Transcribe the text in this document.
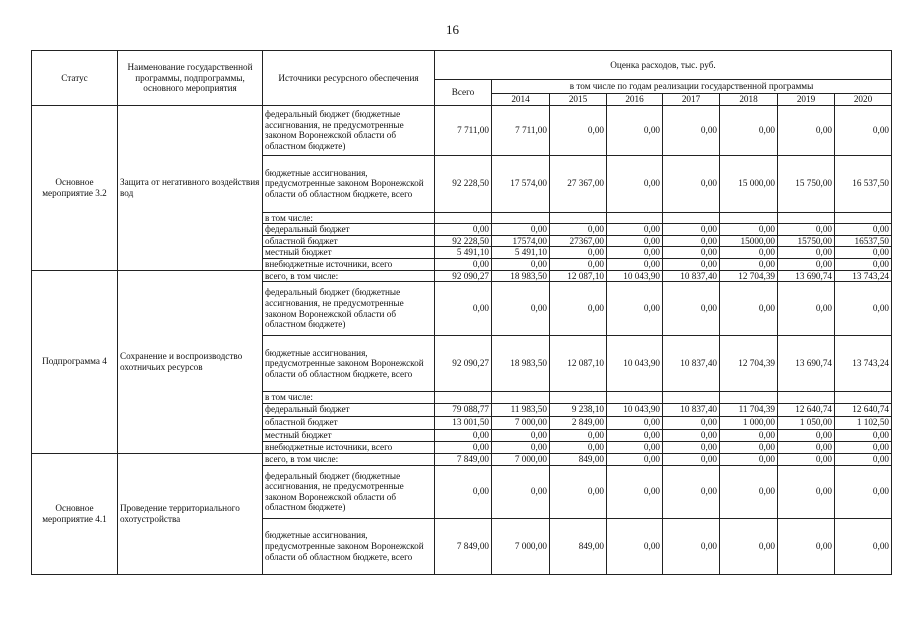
16
Статус	Наименование государственной программы, подпрограммы, основного мероприятия	Источники ресурсного обеспечения	Оценка расходов, тыс. руб.							
			Всего	в том числе по годам реализации государственной программы						
				2014	2015	2016	2017	2018	2019	2020
Основное мероприятие 3.2	Защита от негативного воздействия вод	федеральный бюджет (бюджетные ассигнования, не предусмотренные законом Воронежской области об областном бюджете)	7 711,00	7 711,00	0,00	0,00	0,00	0,00	0,00	0,00
		бюджетные ассигнования, предусмотренные законом Воронежской области об областном бюджете, всего	92 228,50	17 574,00	27 367,00	0,00	0,00	15 000,00	15 750,00	16 537,50
		в том числе:								
		федеральный бюджет	0,00	0,00	0,00	0,00	0,00	0,00	0,00	0,00
		областной бюджет	92 228,50	17574,00	27367,00	0,00	0,00	15000,00	15750,00	16537,50
		местный бюджет	5 491,10	5 491,10	0,00	0,00	0,00	0,00	0,00	0,00
		внебюджетные источники, всего	0,00	0,00	0,00	0,00	0,00	0,00	0,00	0,00
Подпрограмма 4	Сохранение и воспроизводство охотничьих ресурсов	всего, в том числе:	92 090,27	18 983,50	12 087,10	10 043,90	10 837,40	12 704,39	13 690,74	13 743,24
		федеральный бюджет (бюджетные ассигнования, не предусмотренные законом Воронежской области об областном бюджете)	0,00	0,00	0,00	0,00	0,00	0,00	0,00	0,00
		бюджетные ассигнования, предусмотренные законом Воронежской области об областном бюджете, всего	92 090,27	18 983,50	12 087,10	10 043,90	10 837,40	12 704,39	13 690,74	13 743,24
		в том числе:								
		федеральный бюджет	79 088,77	11 983,50	9 238,10	10 043,90	10 837,40	11 704,39	12 640,74	12 640,74
		областной бюджет	13 001,50	7 000,00	2 849,00	0,00	0,00	1 000,00	1 050,00	1 102,50
		местный бюджет	0,00	0,00	0,00	0,00	0,00	0,00	0,00	0,00
		внебюджетные источники, всего	0,00	0,00	0,00	0,00	0,00	0,00	0,00	0,00
Основное мероприятие 4.1	Проведение территориального охотустройства	всего, в том числе:	7 849,00	7 000,00	849,00	0,00	0,00	0,00	0,00	0,00
		федеральный бюджет (бюджетные ассигнования, не предусмотренные законом Воронежской области об областном бюджете)	0,00	0,00	0,00	0,00	0,00	0,00	0,00	0,00
		бюджетные ассигнования, предусмотренные законом Воронежской области об областном бюджете, всего	7 849,00	7 000,00	849,00	0,00	0,00	0,00	0,00	0,00
